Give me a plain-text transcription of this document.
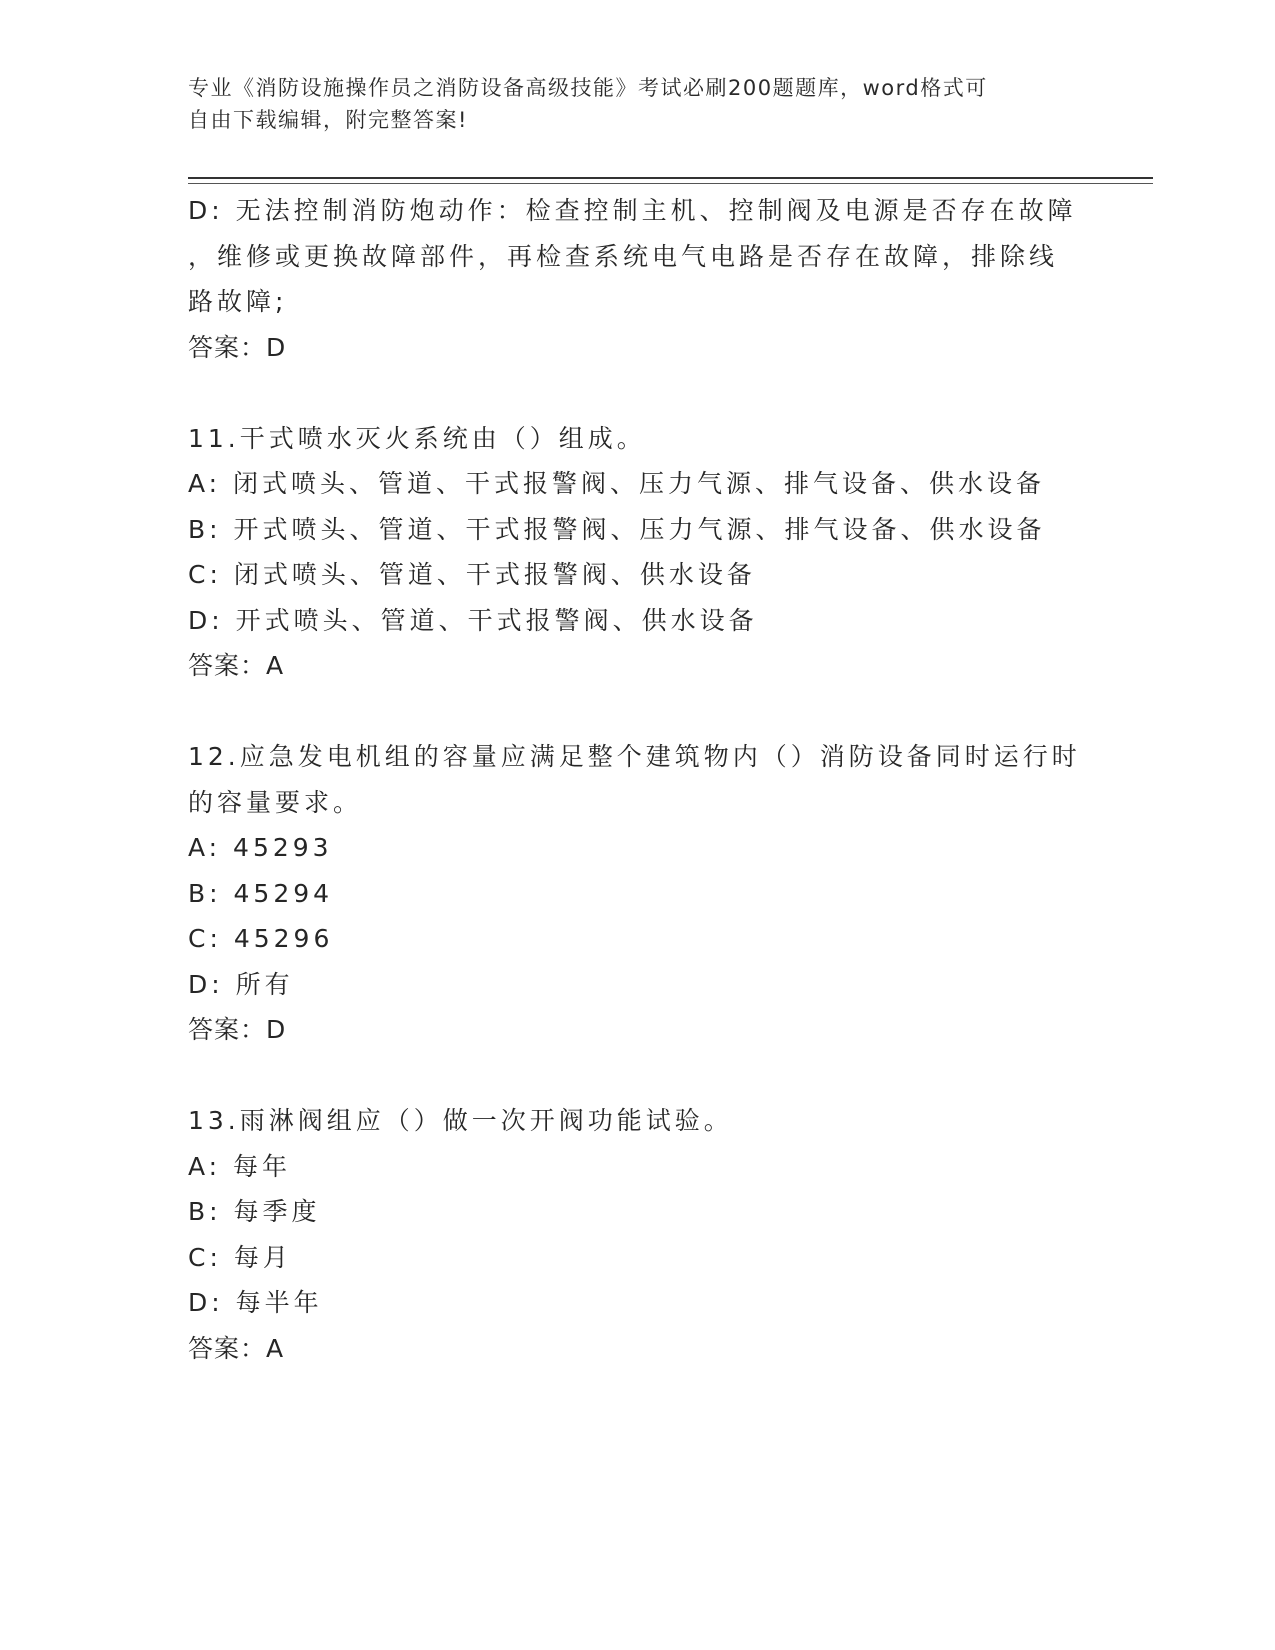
专业《消防设施操作员之消防设备高级技能》考试必刷200题题库，word格式可
自由下载编辑，附完整答案!
D: 无法控制消防炮动作：检查控制主机、控制阀及电源是否存在故障
，维修或更换故障部件，再检查系统电气电路是否存在故障，排除线
路故障;
答案：D
11.干式喷水灭火系统由（）组成。
A: 闭式喷头、管道、干式报警阀、压力气源、排气设备、供水设备
B: 开式喷头、管道、干式报警阀、压力气源、排气设备、供水设备
C: 闭式喷头、管道、干式报警阀、供水设备
D: 开式喷头、管道、干式报警阀、供水设备
答案：A
12.应急发电机组的容量应满足整个建筑物内（）消防设备同时运行时
的容量要求。
A: 45293
B: 45294
C: 45296
D: 所有
答案：D
13.雨淋阀组应（）做一次开阀功能试验。
A: 每年
B: 每季度
C: 每月
D: 每半年
答案：A
